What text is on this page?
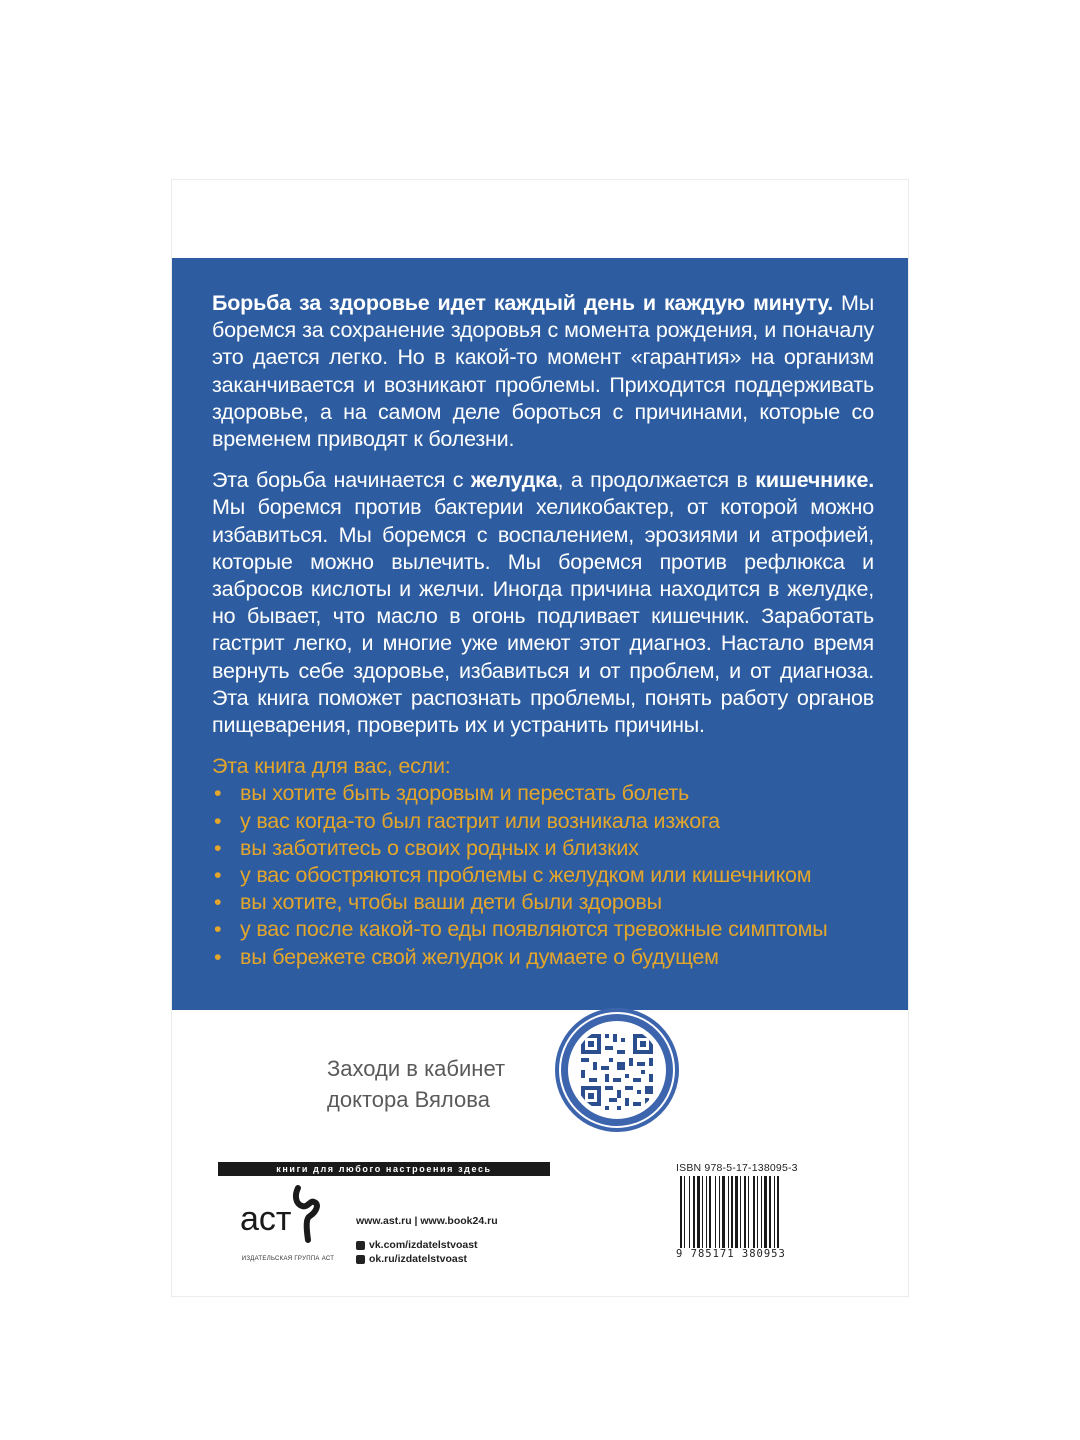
Борьба за здоровье идет каждый день и каждую минуту. Мы боремся за сохранение здоровья с момента рождения, и поначалу это дается легко. Но в какой-то момент «гарантия» на организм заканчивается и возникают проблемы. Приходится поддерживать здоровье, а на самом деле бороться с причинами, которые со временем приводят к болезни.

Эта борьба начинается с желудка, а продолжается в кишечнике. Мы боремся против бактерии хеликобактер, от которой можно избавиться. Мы боремся с воспалением, эрозиями и атрофией, которые можно вылечить. Мы боремся против рефлюкса и забросов кислоты и желчи. Иногда причина находится в желудке, но бывает, что масло в огонь подливает кишечник. Заработать гастрит легко, и многие уже имеют этот диагноз. Настало время вернуть себе здоровье, избавиться и от проблем, и от диагноза. Эта книга поможет распознать проблемы, понять работу органов пищеварения, проверить их и устранить причины.

Эта книга для вас, если:
• вы хотите быть здоровым и перестать болеть
• у вас когда-то был гастрит или возникала изжога
• вы заботитесь о своих родных и близких
• у вас обостряются проблемы с желудком или кишечником
• вы хотите, чтобы ваши дети были здоровы
• у вас после какой-то еды появляются тревожные симптомы
• вы бережете свой желудок и думаете о будущем
Заходи в кабинет
доктора Вялова
книги для любого настроения здесь
аст
ИЗДАТЕЛЬСКАЯ ГРУППА АСТ
www.ast.ru | www.book24.ru
vk.com/izdatelstvoast
ok.ru/izdatelstvoast
ISBN 978-5-17-138095-3
9 785171 380953
